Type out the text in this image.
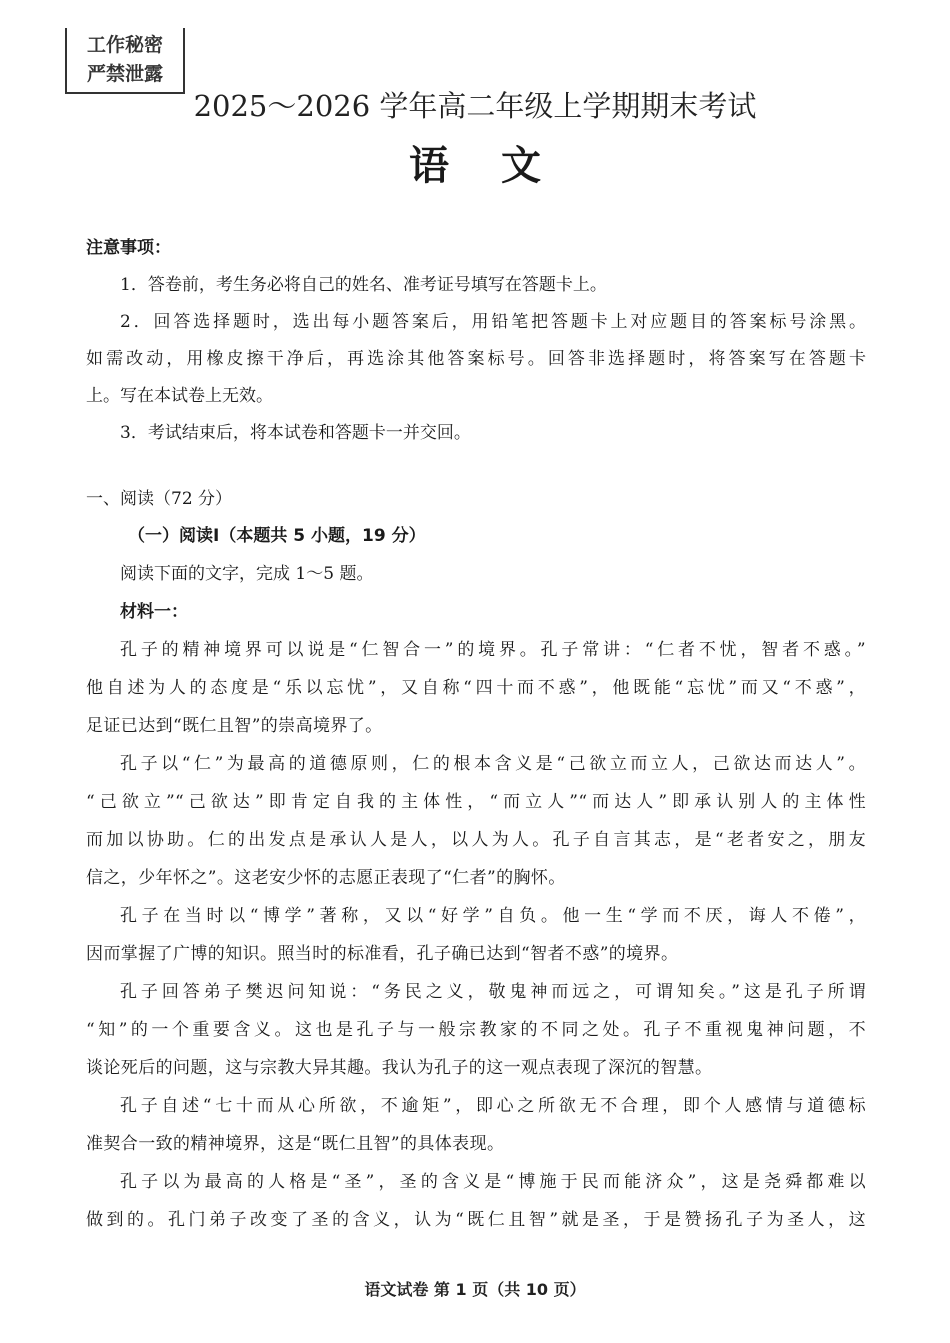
工作秘密
严禁泄露
2025～2026 学年高二年级上学期期末考试
语文
注意事项：
1．答卷前，考生务必将自己的姓名、准考证号填写在答题卡上。
2．回答选择题时，选出每小题答案后，用铅笔把答题卡上对应题目的答案标号涂黑。
如需改动，用橡皮擦干净后，再选涂其他答案标号。回答非选择题时，将答案写在答题卡
上。写在本试卷上无效。
3．考试结束后，将本试卷和答题卡一并交回。
一、阅读（72 分）
（一）阅读I（本题共 5 小题，19 分）
阅读下面的文字，完成 1～5 题。
材料一：
孔子的精神境界可以说是“仁智合一”的境界。孔子常讲：“仁者不忧，智者不惑。”
他自述为人的态度是“乐以忘忧”，又自称“四十而不惑”，他既能“忘忧”而又“不惑”，
足证已达到“既仁且智”的崇高境界了。
孔子以“仁”为最高的道德原则，仁的根本含义是“己欲立而立人，己欲达而达人”。
“己欲立”“己欲达”即肯定自我的主体性，“而立人”“而达人”即承认别人的主体性
而加以协助。仁的出发点是承认人是人，以人为人。孔子自言其志，是“老者安之，朋友
信之，少年怀之”。这老安少怀的志愿正表现了“仁者”的胸怀。
孔子在当时以“博学”著称，又以“好学”自负。他一生“学而不厌，诲人不倦”，
因而掌握了广博的知识。照当时的标准看，孔子确已达到“智者不惑”的境界。
孔子回答弟子樊迟问知说：“务民之义，敬鬼神而远之，可谓知矣。”这是孔子所谓
“知”的一个重要含义。这也是孔子与一般宗教家的不同之处。孔子不重视鬼神问题，不
谈论死后的问题，这与宗教大异其趣。我认为孔子的这一观点表现了深沉的智慧。
孔子自述“七十而从心所欲，不逾矩”，即心之所欲无不合理，即个人感情与道德标
准契合一致的精神境界，这是“既仁且智”的具体表现。
孔子以为最高的人格是“圣”，圣的含义是“博施于民而能济众”，这是尧舜都难以
做到的。孔门弟子改变了圣的含义，认为“既仁且智”就是圣，于是赞扬孔子为圣人，这
语文试卷 第 1 页（共 10 页）
